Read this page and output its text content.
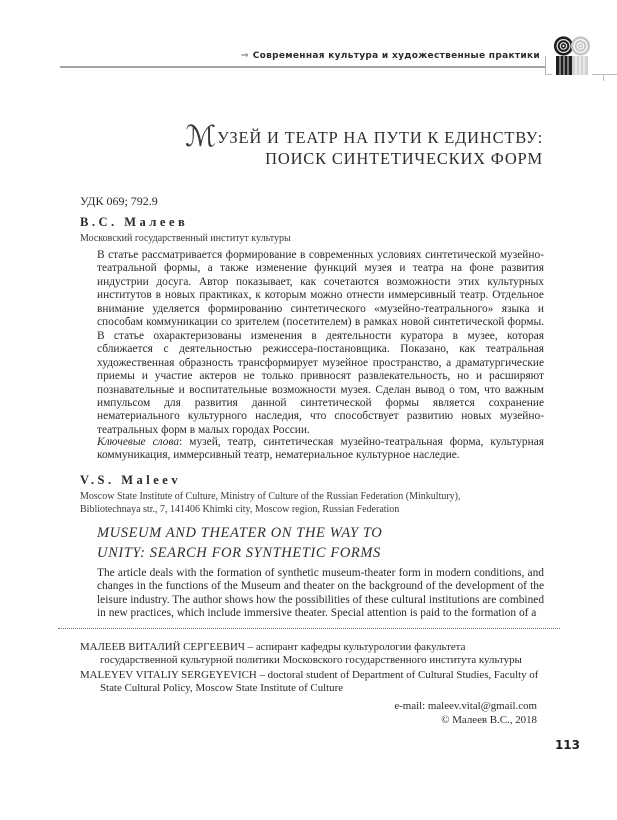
⇒ Современная культура и художественные практики
ℳУЗЕЙ И ТЕАТР НА ПУТИ К ЕДИНСТВУ:
ПОИСК СИНТЕТИЧЕСКИХ ФОРМ
УДК 069; 792.9
В.С. Малеев
Московский государственный институт культуры
В статье рассматривается формирование в современных условиях синтетической музейно-театральной формы, а также изменение функций музея и театра на фоне развития индустрии досуга. Автор показывает, как сочетаются возможности этих культурных институтов в новых практиках, к которым можно отнести иммерсивный театр. Отдельное внимание уделяется формированию синтетического «музейно-театрального» языка и способам коммуникации со зрителем (посетителем) в рамках новой синтетической формы. В статье охарактеризованы изменения в деятельности куратора в музее, которая сближается с деятельностью режиссера-постановщика. Показано, как театральная художественная образность трансформирует музейное пространство, а драматургические приемы и участие актеров не только привносят развлекательность, но и расширяют познавательные и воспитательные возможности музея. Сделан вывод о том, что важным импульсом для развития данной синтетической формы является сохранение нематериального культурного наследия, что способствует развитию новых музейно-театральных форм в малых городах России.
Ключевые слова: музей, театр, синтетическая музейно-театральная форма, культурная коммуникация, иммерсивный театр, нематериальное культурное наследие.
V.S. Maleev
Moscow State Institute of Culture, Ministry of Culture of the Russian Federation (Minkultury),
Bibliotechnaya str., 7, 141406 Khimki city, Moscow region, Russian Federation
MUSEUM AND THEATER ON THE WAY TO
UNITY: SEARCH FOR SYNTHETIC FORMS
The article deals with the formation of synthetic museum-theater form in modern conditions, and changes in the functions of the Museum and theater on the background of the development of the leisure industry. The author shows how the possibilities of these cultural institutions are combined in new practices, which include immersive theater. Special attention is paid to the formation of a
МАЛЕЕВ ВИТАЛИЙ СЕРГЕЕВИЧ – аспирант кафедры культурологии факультета государственной культурной политики Московского государственного института культуры
MALEYEV VITALIY SERGEYEVICH – doctoral student of Department of Cultural Studies, Faculty of State Cultural Policy, Moscow State Institute of Culture
e-mail: maleev.vital@gmail.com
© Малеев В.С., 2018
113
